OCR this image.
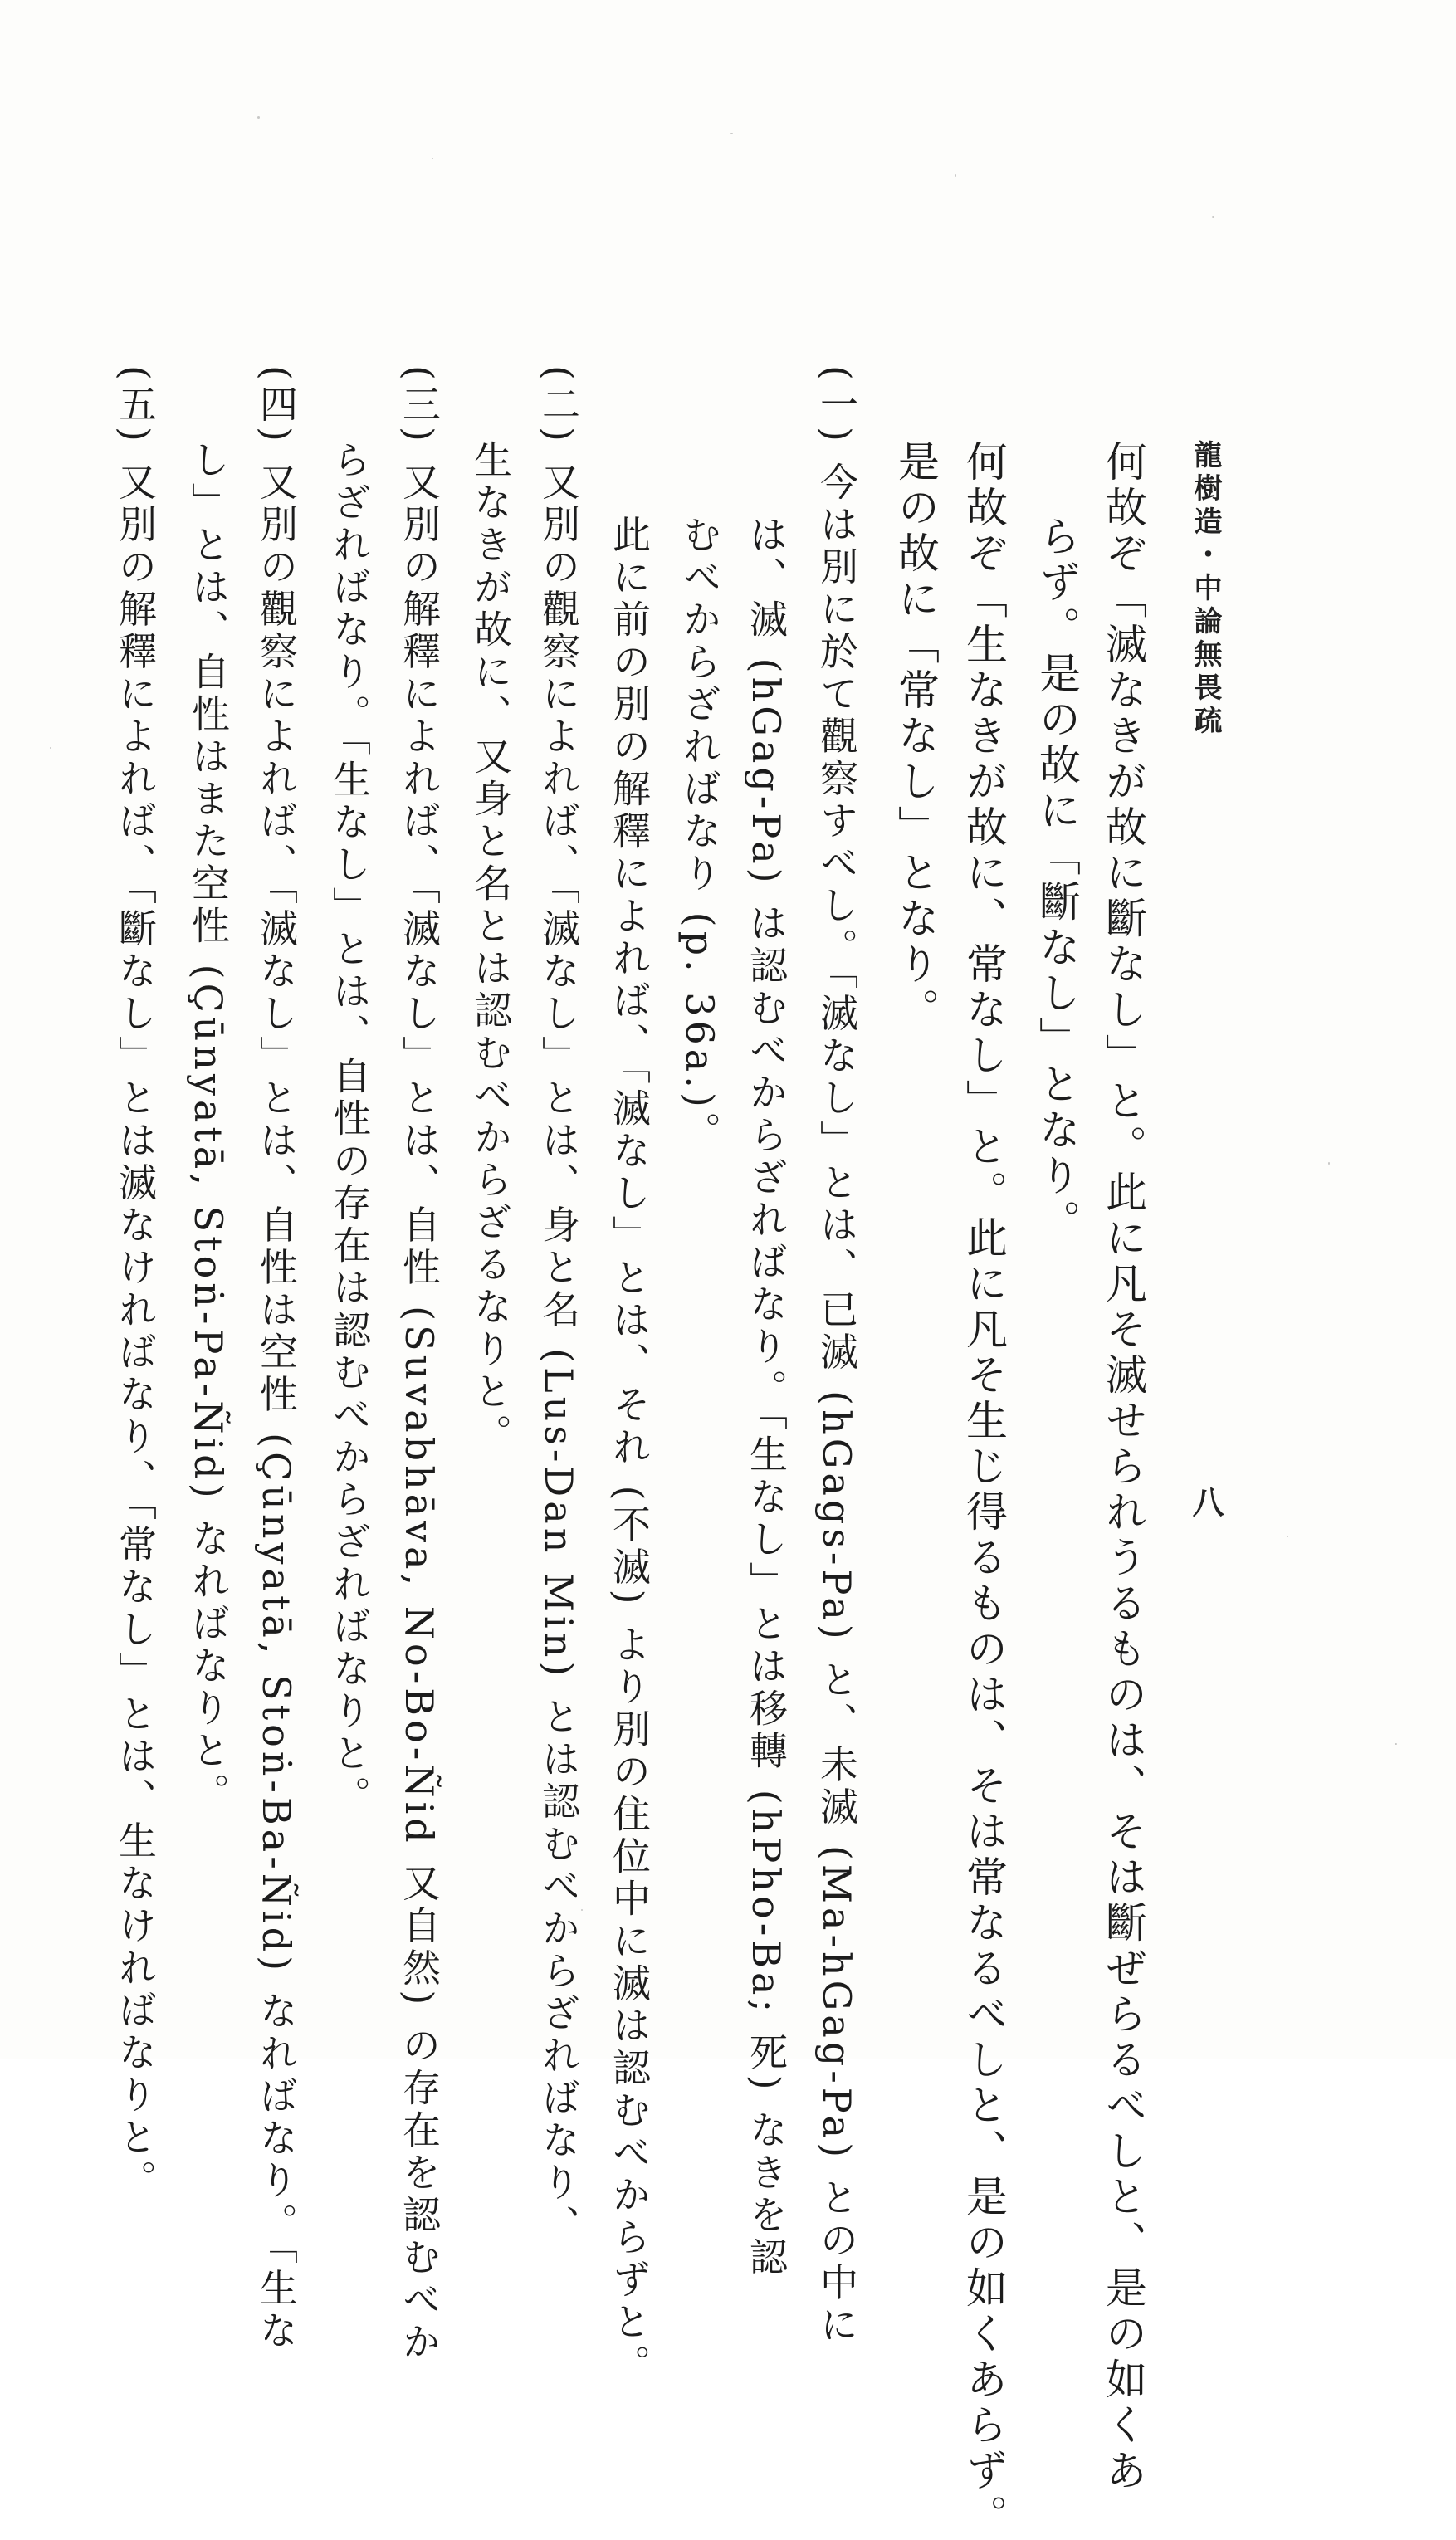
龍樹造・中論無畏疏
八
何故ぞ「滅なきが故に斷なし」と。此に凡そ滅せられうるものは、そは斷ぜらるべしと、是の如くあ
らず。是の故に「斷なし」となり。
何故ぞ「生なきが故に、常なし」と。此に凡そ生じ得るものは、そは常なるべしと、是の如くあらず。
是の故に「常なし」となり。
(一) 今は別に於て觀察すべし。「滅なし」とは、已滅 (hGags-Pa) と、未滅 (Ma-hGag-Pa) との中に
は、滅 (hGag-Pa) は認むべからざればなり。「生なし」とは移轉 (hPho-Ba; 死) なきを認
むべからざればなり (p. 36a.)。
此に前の別の解釋によれば、「滅なし」とは、それ (不滅) より別の住位中に滅は認むべからずと。
(二) 又別の觀察によれば、「滅なし」とは、身と名 (Lus-Dan Min) とは認むべからざればなり、
生なきが故に、又身と名とは認むべからざるなりと。
(三) 又別の解釋によれば、「滅なし」とは、自性 (Suvabhāva, No-Bo-Ñid 又自然) の存在を認むべか
らざればなり。「生なし」とは、自性の存在は認むべからざればなりと。
(四) 又別の觀察によれば、「滅なし」とは、自性は空性 (Çūnyatā, Stoṅ-Ba-Ñid) なればなり。「生な
し」とは、自性はまた空性 (Çūnyatā, Stoṅ-Pa-Ñid) なればなりと。
(五) 又別の解釋によれば、「斷なし」とは滅なければなり、「常なし」とは、生なければなりと。
